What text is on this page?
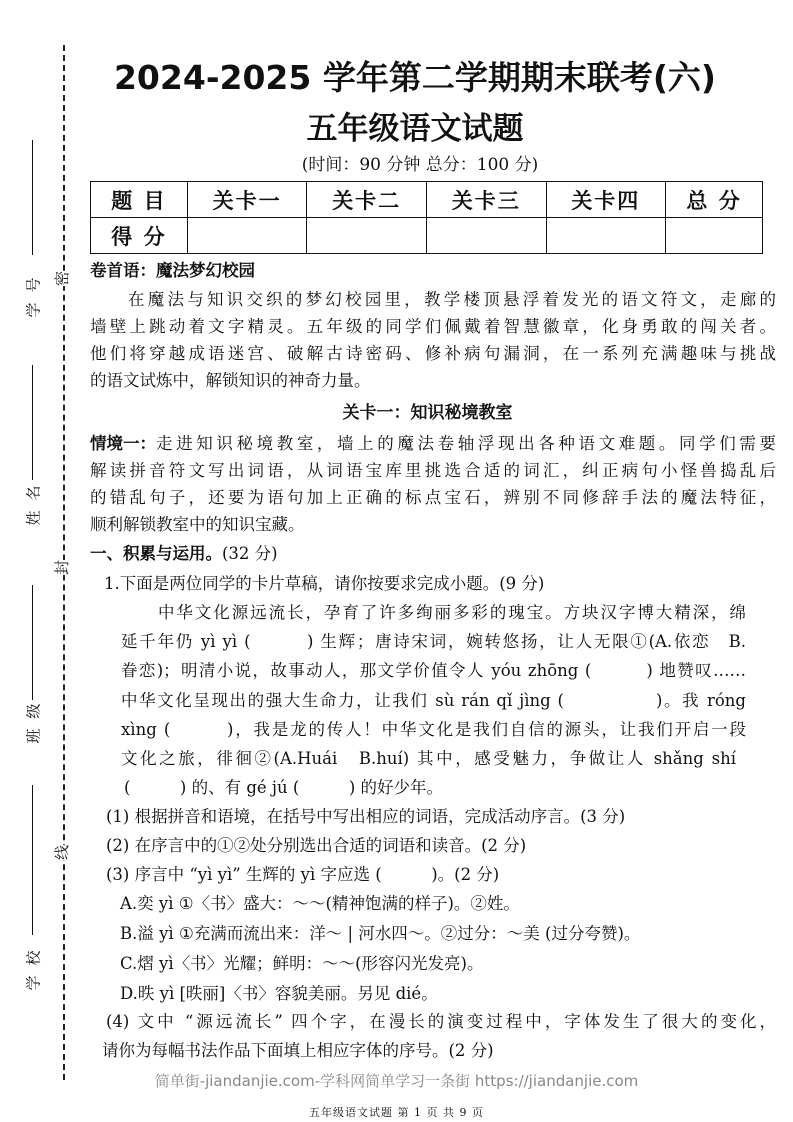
学号
姓名
班级
学校
密
封
线
2024-2025 学年第二学期期末联考(六)
五年级语文试题
(时间：90 分钟 总分：100 分)
题 目	关卡一	关卡二	关卡三	关卡四	总 分
得 分					
卷首语：魔法梦幻校园
在魔法与知识交织的梦幻校园里，教学楼顶悬浮着发光的语文符文，走廊的
墙壁上跳动着文字精灵。五年级的同学们佩戴着智慧徽章，化身勇敢的闯关者。
他们将穿越成语迷宫、破解古诗密码、修补病句漏洞，在一系列充满趣味与挑战
的语文试炼中，解锁知识的神奇力量。
关卡一：知识秘境教室
情境一： 走进知识秘境教室，墙上的魔法卷轴浮现出各种语文难题。同学们需要
解读拼音符文写出词语，从词语宝库里挑选合适的词汇，纠正病句小怪兽捣乱后
的错乱句子，还要为语句加上正确的标点宝石，辨别不同修辞手法的魔法特征，
顺利解锁教室中的知识宝藏。
一、积累与运用。(32 分)
1.下面是两位同学的卡片草稿，请你按要求完成小题。(9 分)
中华文化源远流长，孕育了许多绚丽多彩的瑰宝。方块汉字博大精深，绵
延千年仍 yì yì (　　　) 生辉；唐诗宋词，婉转悠扬，让人无限①(A.依恋　B.
眷恋)；明清小说，故事动人，那文学价值令人 yóu zhōng (　　　) 地赞叹……
中华文化呈现出的强大生命力，让我们 sù rán qǐ jìng (　　　　　)。我 róng
xìng (　　　)，我是龙的传人！中华文化是我们自信的源头，让我们开启一段
文化之旅，徘徊②(A.Huái　B.huí) 其中，感受魅力，争做让人 shǎng shí
(　　　) 的、有 gé jú (　　　) 的好少年。
(1) 根据拼音和语境，在括号中写出相应的词语，完成活动序言。(3 分)
(2) 在序言中的①②处分别选出合适的词语和读音。(2 分)
(3) 序言中 “yì yì” 生辉的 yì 字应选 (　　　)。(2 分)
A.奕 yì ①〈书〉盛大：～～(精神饱满的样子)。②姓。
B.溢 yì ①充满而流出来：洋～ | 河水四～。②过分：～美 (过分夸赞)。
C.熠 yì〈书〉光耀；鲜明：～～(形容闪光发亮)。
D.昳 yì [昳丽]〈书〉容貌美丽。另见 dié。
(4) 文中 “源远流长” 四个字，在漫长的演变过程中，字体发生了很大的变化，
请你为每幅书法作品下面填上相应字体的序号。(2 分)
简单街-jiandanjie.com-学科网简单学习一条街 https://jiandanjie.com
五年级语文试题 第 1 页 共 9 页
